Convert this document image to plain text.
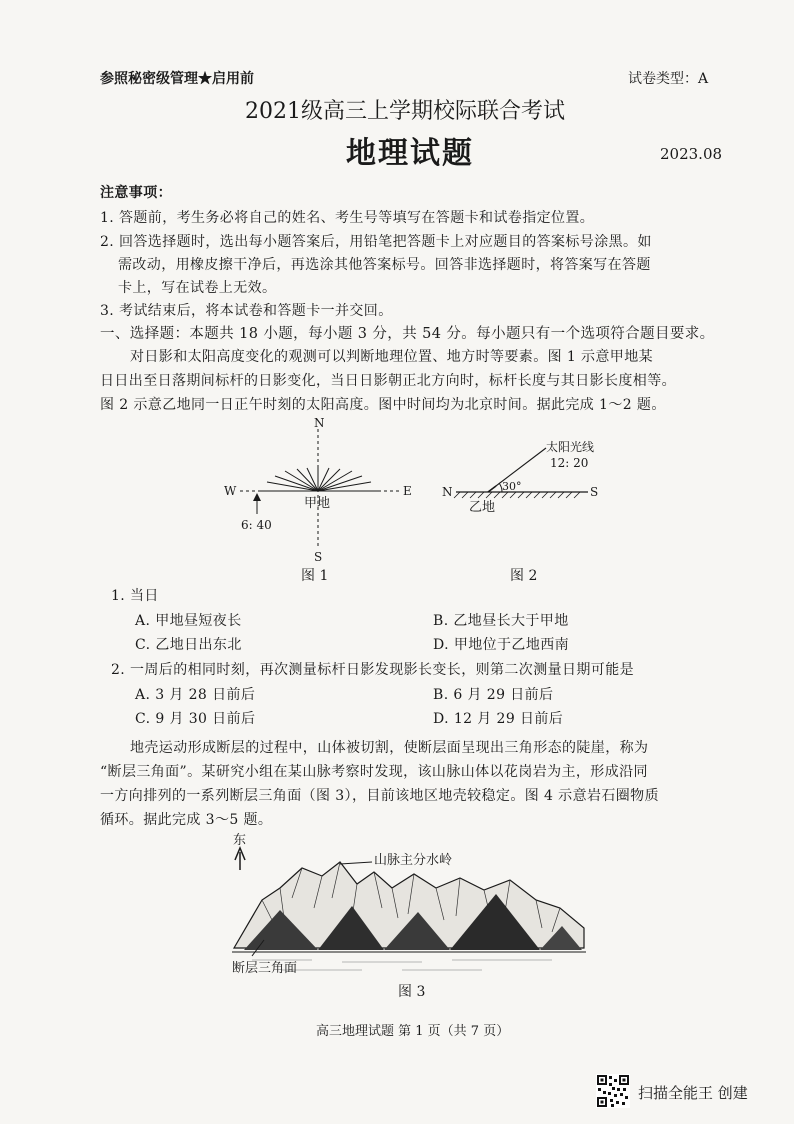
参照秘密级管理★启用前	试卷类型：A
2021级高三上学期校际联合考试
地理试题	2023.08
注意事项：
1. 答题前，考生务必将自己的姓名、考生号等填写在答题卡和试卷指定位置。
2. 回答选择题时，选出每小题答案后，用铅笔把答题卡上对应题目的答案标号涂黑。如
需改动，用橡皮擦干净后，再选涂其他答案标号。回答非选择题时，将答案写在答题
卡上，写在试卷上无效。
3. 考试结束后，将本试卷和答题卡一并交回。
一、选择题：本题共 18 小题，每小题 3 分，共 54 分。每小题只有一个选项符合题目要求。
对日影和太阳高度变化的观测可以判断地理位置、地方时等要素。图 1 示意甲地某
日日出至日落期间标杆的日影变化，当日日影朝正北方向时，标杆长度与其日影长度相等。
图 2 示意乙地同一日正午时刻的太阳高度。图中时间均为北京时间。据此完成 1～2 题。
N
S
W	E
甲地
6: 40
图 1
太阳光线
12: 20
30°
N	S
乙地
图 2
1. 当日
A. 甲地昼短夜长	B. 乙地昼长大于甲地
C. 乙地日出东北	D. 甲地位于乙地西南
2. 一周后的相同时刻，再次测量标杆日影发现影长变长，则第二次测量日期可能是
A. 3 月 28 日前后	B. 6 月 29 日前后
C. 9 月 30 日前后	D. 12 月 29 日前后
地壳运动形成断层的过程中，山体被切割，使断层面呈现出三角形态的陡崖，称为
“断层三角面”。某研究小组在某山脉考察时发现，该山脉山体以花岗岩为主，形成沿同
一方向排列的一系列断层三角面（图 3），目前该地区地壳较稳定。图 4 示意岩石圈物质
循环。据此完成 3～5 题。
东
山脉主分水岭
断层三角面
图 3
高三地理试题 第 1 页（共 7 页）
扫描全能王 创建
